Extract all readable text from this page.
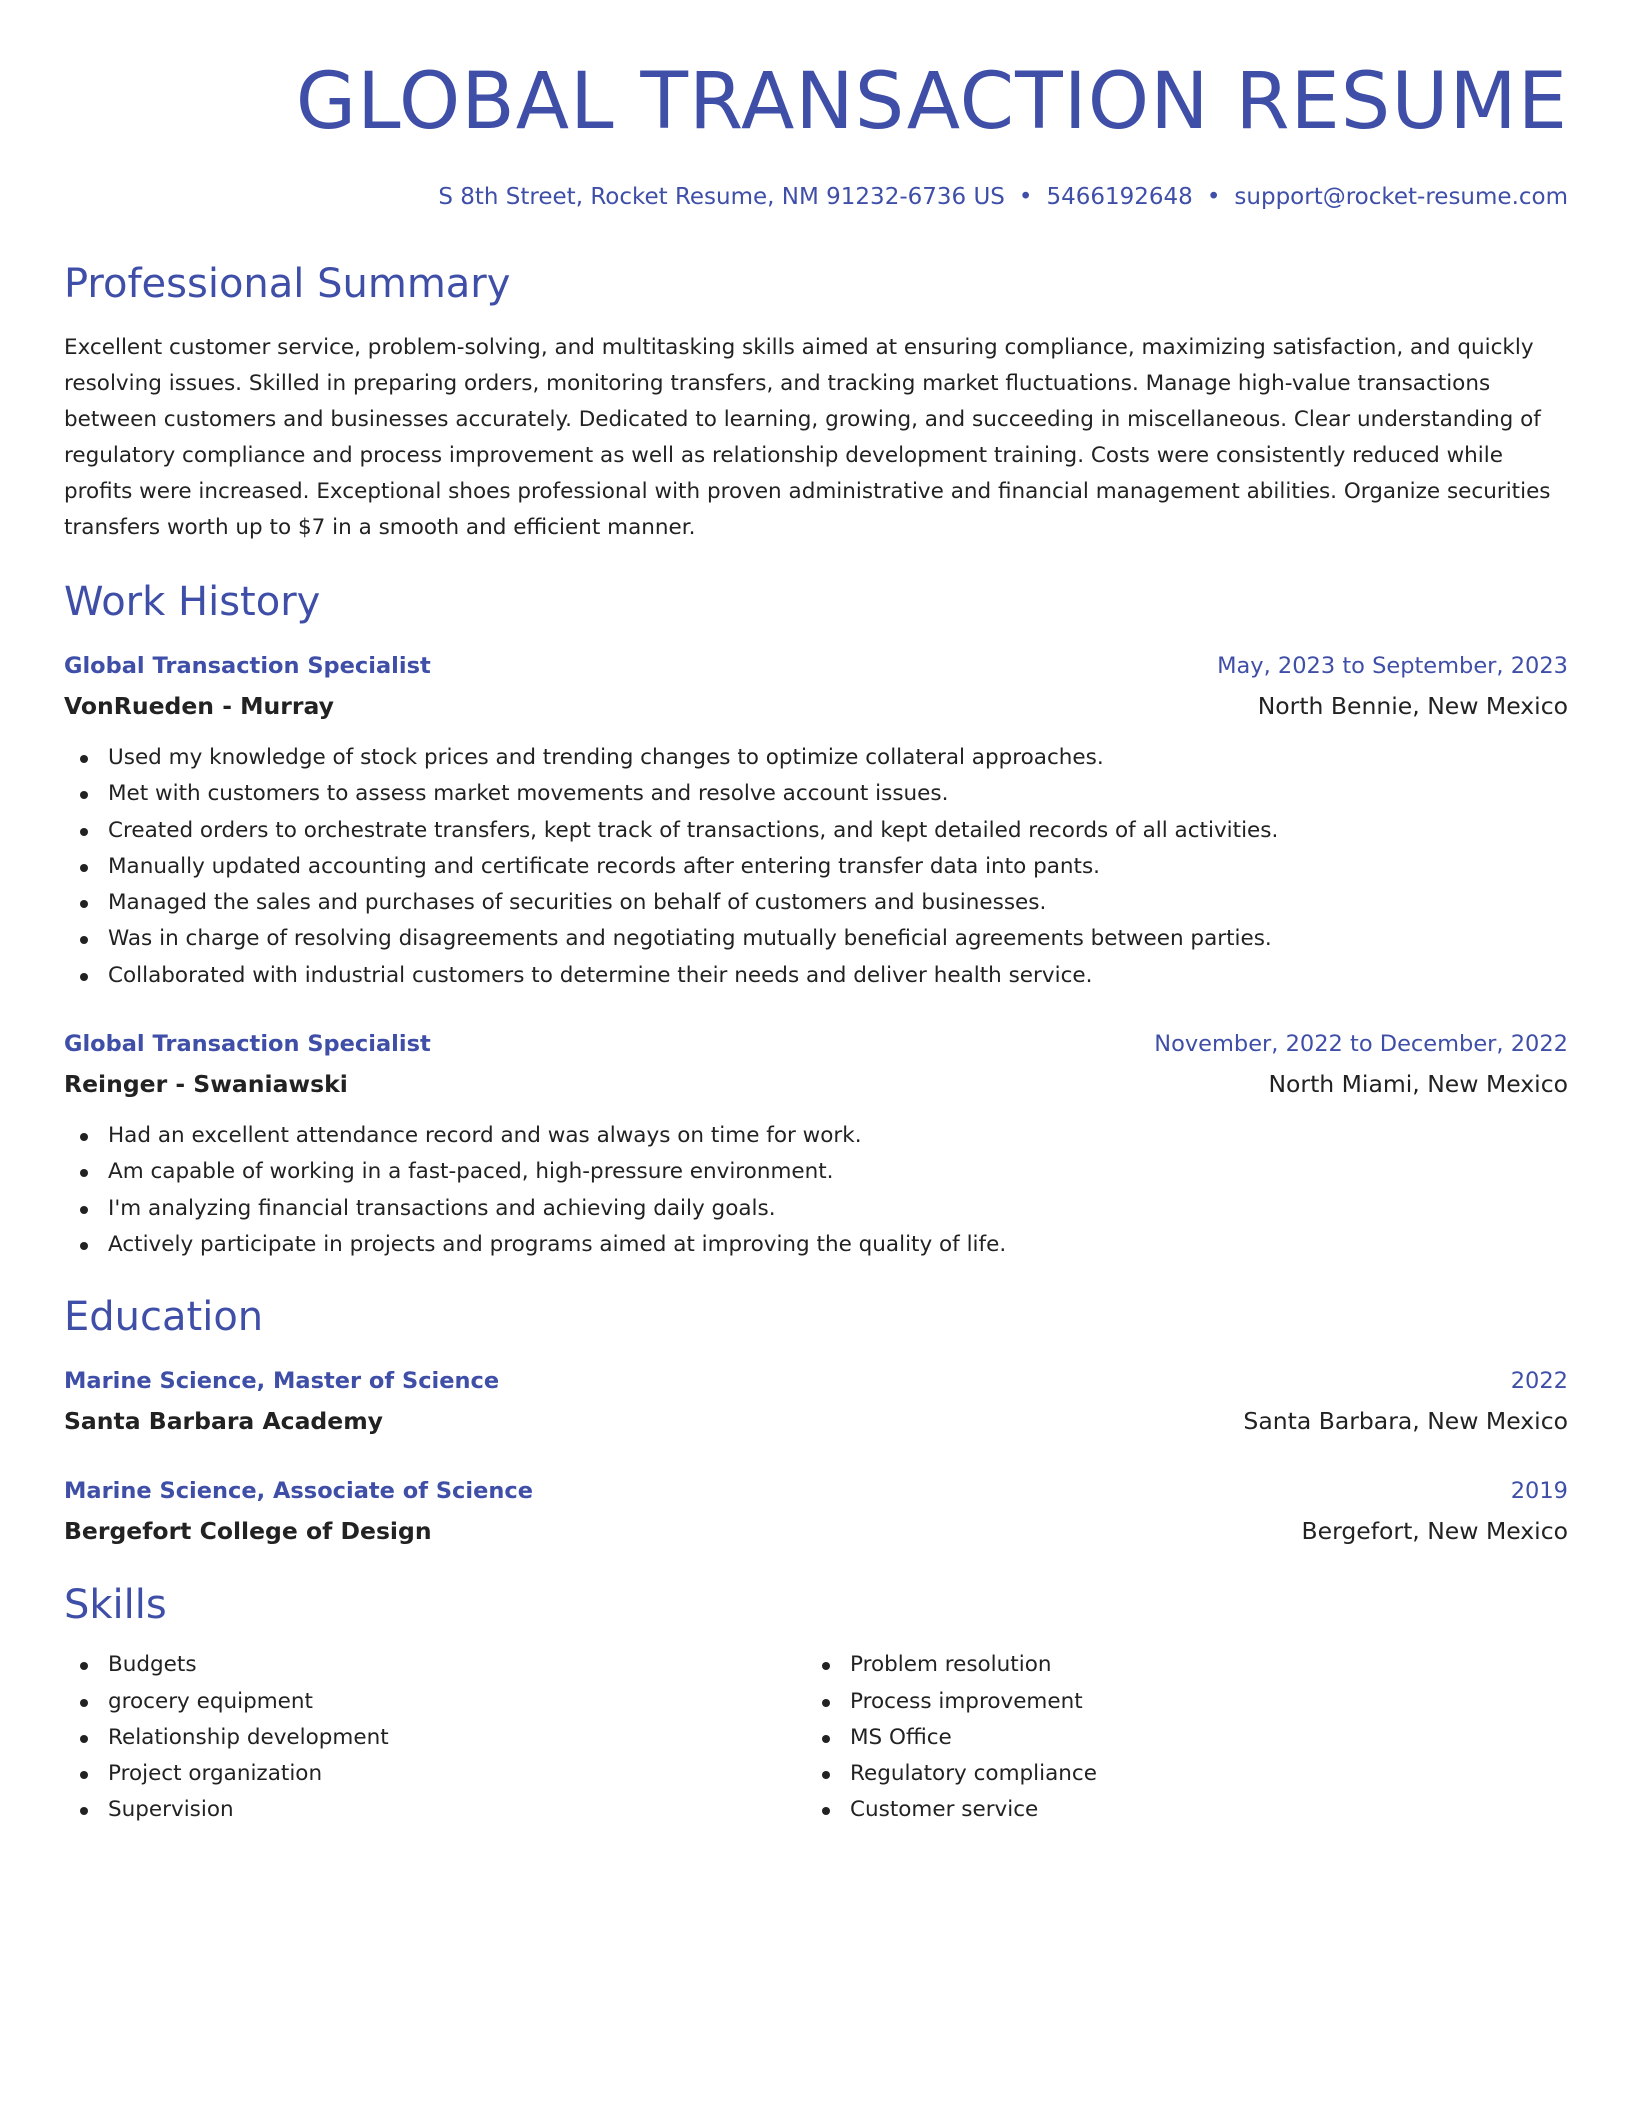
GLOBAL TRANSACTION RESUME
S 8th Street, Rocket Resume, NM 91232-6736 US • 5466192648 • support@rocket-resume.com
Professional Summary

Excellent customer service, problem-solving, and multitasking skills aimed at ensuring compliance, maximizing satisfaction, and quickly resolving issues. Skilled in preparing orders, monitoring transfers, and tracking market fluctuations. Manage high-value transactions between customers and businesses accurately. Dedicated to learning, growing, and succeeding in miscellaneous. Clear understanding of regulatory compliance and process improvement as well as relationship development training. Costs were consistently reduced while profits were increased. Exceptional shoes professional with proven administrative and financial management abilities. Organize securities transfers worth up to $7 in a smooth and efficient manner.

Work History
Global Transaction Specialist	May, 2023 to September, 2023
VonRueden - Murray	North Bennie, New Mexico
Used my knowledge of stock prices and trending changes to optimize collateral approaches.
Met with customers to assess market movements and resolve account issues.
Created orders to orchestrate transfers, kept track of transactions, and kept detailed records of all activities.
Manually updated accounting and certificate records after entering transfer data into pants.
Managed the sales and purchases of securities on behalf of customers and businesses.
Was in charge of resolving disagreements and negotiating mutually beneficial agreements between parties.
Collaborated with industrial customers to determine their needs and deliver health service.
Global Transaction Specialist	November, 2022 to December, 2022
Reinger - Swaniawski	North Miami, New Mexico
Had an excellent attendance record and was always on time for work.
Am capable of working in a fast-paced, high-pressure environment.
I'm analyzing financial transactions and achieving daily goals.
Actively participate in projects and programs aimed at improving the quality of life.
Education
Marine Science, Master of Science	2022
Santa Barbara Academy	Santa Barbara, New Mexico
Marine Science, Associate of Science	2019
Bergefort College of Design	Bergefort, New Mexico
Skills
Budgets
grocery equipment
Relationship development
Project organization
Supervision
Problem resolution
Process improvement
MS Office
Regulatory compliance
Customer service
